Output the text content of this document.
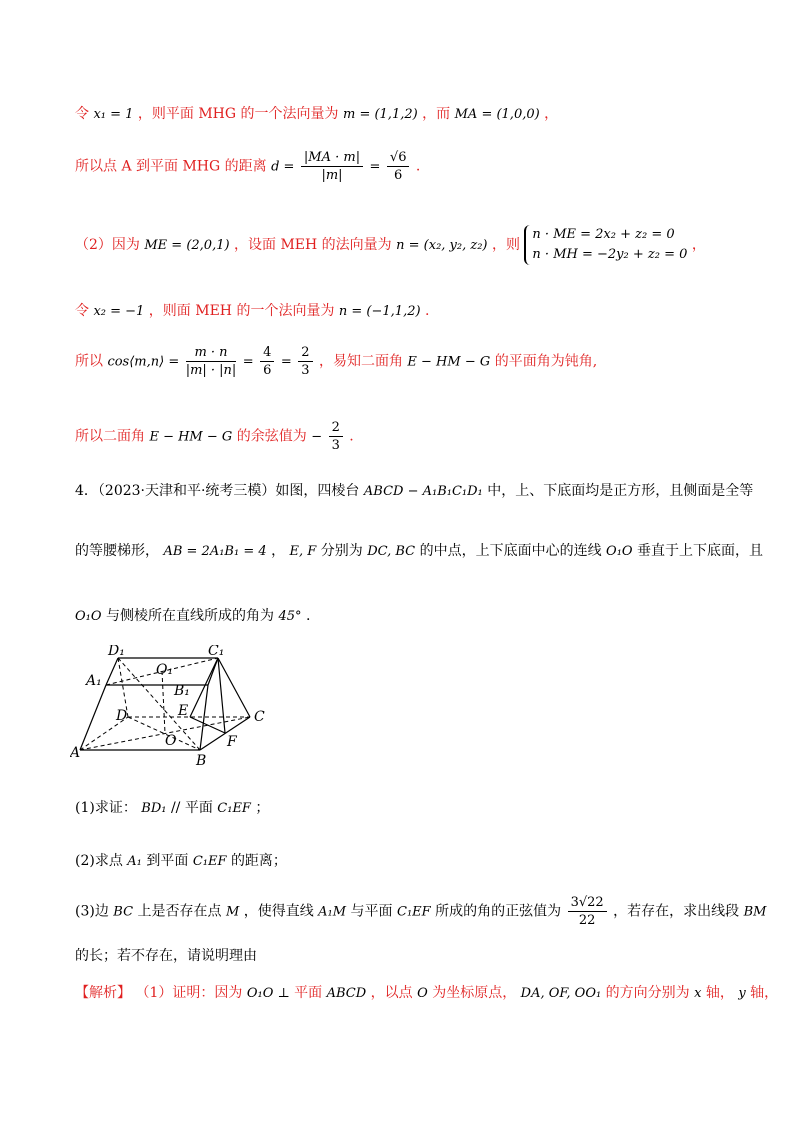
令 x₁ = 1 ，则平面 MHG 的一个法向量为 m = (1,1,2) ，而 MA = (1,0,0) ，
所以点 A 到平面 MHG 的距离 $d = \frac{|MA \cdot m|}{|m|} = \frac{√6}{6}$ .
（2）因为 ME = (2,0,1) ，设面 MEH 的法向量为 n = (x₂, y₂, z₂) ，则
n · ME = 2x₂ + z₂ = 0
n · MH = −2y₂ + z₂ = 0
，
令 x₂ = −1 ，则面 MEH 的一个法向量为 n = (−1,1,2) .
所以 cos⟨m,n⟩ = $\frac{m \cdot n}{|m| \cdot |n|} = \frac{4}{6} = \frac{2}{3}$ ，易知二面角 E − HM − G 的平面角为钝角,
所以二面角 E − HM − G 的余弦值为 − $\frac{2}{3}$ .
4．（2023·天津和平·统考三模）如图，四棱台 ABCD − A₁B₁C₁D₁ 中，上、下底面均是正方形，且侧面是全等
的等腰梯形， AB = 2A₁B₁ = 4 ， E, F 分别为 DC, BC 的中点，上下底面中心的连线 O₁O 垂直于上下底面，且
O₁O 与侧棱所在直线所成的角为 45° .
D₁	C₁
O₁
A₁
B₁
D	E	C
O	F
A	B
(1)求证： BD₁ // 平面 C₁EF ；
(2)求点 A₁ 到平面 C₁EF 的距离；
(3)边 BC 上是否存在点 M ，使得直线 A₁M 与平面 C₁EF 所成的角的正弦值为 $\frac{3√22}{22}$ ，若存在，求出线段 BM
的长；若不存在，请说明理由
【解析】 （1）证明：因为 O₁O ⊥ 平面 ABCD ，以点 O 为坐标原点， DA, OF, OO₁ 的方向分别为 x 轴， y 轴，
